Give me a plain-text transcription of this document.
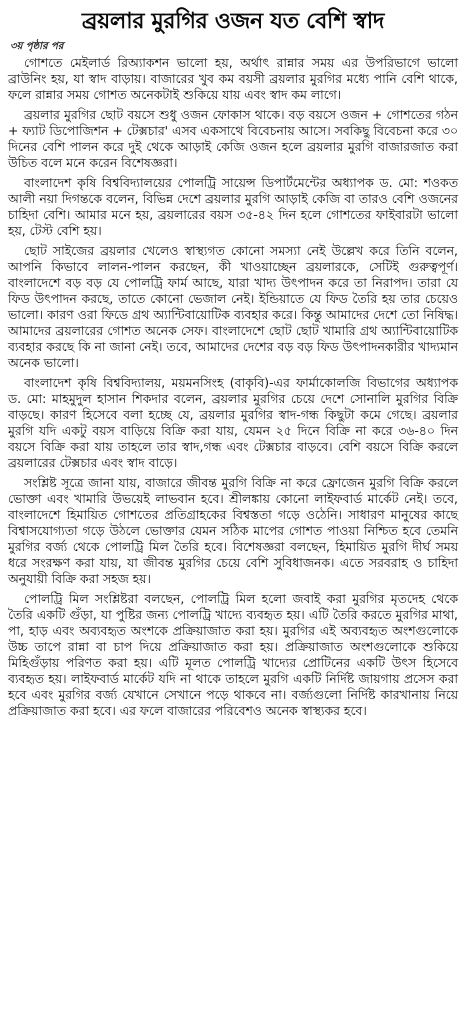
ব্রয়লার মুরগির ওজন যত বেশি স্বাদ
৩য় পৃষ্ঠার পর

গোশতে মেইলার্ড রিঅ্যাকশন ভালো হয়, অর্থাৎ রান্নার সময় এর উপরিভাগে ভালো ব্রাউনিং হয়, যা স্বাদ বাড়ায়। বাজারের খুব কম বয়সী ব্রয়লার মুরগির মধ্যে পানি বেশি থাকে, ফলে রান্নার সময় গোশত অনেকটাই শুকিয়ে যায় এবং স্বাদ কম লাগে।

ব্রয়লার মুরগির ছোট বয়সে শুধু ওজন ফোকাস থাকে। বড় বয়সে ওজন + গোশতের গঠন + ফ্যাট ডিপোজিশন + টেক্সচার' এসব একসাথে বিবেচনায় আসে। সবকিছু বিবেচনা করে ৩০ দিনের বেশি পালন করে দুই থেকে আড়াই কেজি ওজন হলে ব্রয়লার মুরগি বাজারজাত করা উচিত বলে মনে করেন বিশেষজ্ঞরা।

বাংলাদেশ কৃষি বিশ্ববিদ্যালয়ের পোলট্রি সায়েন্স ডিপার্টমেন্টের অধ্যাপক ড. মো: শওকত আলী নয়া দিগন্তকে বলেন, বিভিন্ন দেশে ব্রয়লার মুরগি আড়াই কেজি বা তারও বেশি ওজনের চাহিদা বেশি। আমার মনে হয়, ব্রয়লারের বয়স ৩৫-৪২ দিন হলে গোশতের ফাইবারটা ভালো হয়, টেস্ট বেশি হয়।

ছোট সাইজের ব্রয়লার খেলেও স্বাস্থ্যগত কোনো সমস্যা নেই উল্লেখ করে তিনি বলেন, আপনি কিভাবে লালন-পালন করছেন, কী খাওয়াচ্ছেন ব্রয়লারকে, সেটিই গুরুত্বপূর্ণ। বাংলাদেশে বড় বড় যে পোলট্রি ফার্ম আছে, যারা খাদ্য উৎপাদন করে তা নিরাপদ। তারা যে ফিড উৎপাদন করছে, তাতে কোনো ভেজাল নেই। ইন্ডিয়াতে যে ফিড তৈরি হয় তার চেয়েও ভালো। কারণ ওরা ফিডে গ্রথ অ্যান্টিবায়োটিক ব্যবহার করে। কিন্তু আমাদের দেশে তো নিষিদ্ধ। আমাদের ব্রয়লারের গোশত অনেক সেফ। বাংলাদেশে ছোট ছোট খামারি গ্রথ অ্যান্টিবায়োটিক ব্যবহার করছে কি না জানা নেই। তবে, আমাদের দেশের বড় বড় ফিড উৎপাদনকারীর খাদ্যমান অনেক ভালো।

বাংলাদেশ কৃষি বিশ্ববিদ্যালয়, ময়মনসিংহ (বাকৃবি)-এর ফার্মাকোলজি বিভাগের অধ্যাপক ড. মো: মাহমুদুল হাসান শিকদার বলেন, ব্রয়লার মুরগির চেয়ে দেশে সোনালি মুরগির বিক্রি বাড়ছে। কারণ হিসেবে বলা হচ্ছে যে, ব্রয়লার মুরগির স্বাদ-গন্ধ কিছুটা কমে গেছে। ব্রয়লার মুরগি যদি একটু বয়স বাড়িয়ে বিক্রি করা যায়, যেমন ২৫ দিনে বিক্রি না করে ৩৬-৪০ দিন বয়সে বিক্রি করা যায় তাহলে তার স্বাদ,গন্ধ এবং টেক্সচার বাড়বে। বেশি বয়সে বিক্রি করলে ব্রয়লারের টেক্সচার এবং স্বাদ বাড়ে।

সংশ্লিষ্ট সূত্রে জানা যায়, বাজারে জীবন্ত মুরগি বিক্রি না করে ফ্রোজেন মুরগি বিক্রি করলে ভোক্তা এবং খামারি উভয়েই লাভবান হবে। শ্রীলঙ্কায় কোনো লাইফবার্ড মার্কেট নেই। তবে, বাংলাদেশে হিমায়িত গোশতের প্রতিগ্রাহকের বিশ্বস্ততা গড়ে ওঠেনি। সাধারণ মানুষের কাছে বিশ্বাসযোগ্যতা গড়ে উঠলে ভোক্তার যেমন সঠিক মাপের গোশত পাওয়া নিশ্চিত হবে তেমনি মুরগির বর্জ্য থেকে পোলট্রি মিল তৈরি হবে। বিশেষজ্ঞরা বলছেন, হিমায়িত মুরগি দীর্ঘ সময় ধরে সংরক্ষণ করা যায়, যা জীবন্ত মুরগির চেয়ে বেশি সুবিধাজনক। এতে সরবরাহ ও চাহিদা অনুযায়ী বিক্রি করা সহজ হয়।

পোলট্রি মিল সংশ্লিষ্টরা বলছেন, পোলট্রি মিল হলো জবাই করা মুরগির মৃতদেহ থেকে তৈরি একটি গুঁড়া, যা পুষ্টির জন্য পোলট্রি খাদ্যে ব্যবহৃত হয়। এটি তৈরি করতে মুরগির মাথা, পা, হাড় এবং অব্যবহৃত অংশকে প্রক্রিয়াজাত করা হয়। মুরগির এই অব্যবহৃত অংশগুলোকে উচ্চ তাপে রান্না বা চাপ দিয়ে প্রক্রিয়াজাত করা হয়। প্রক্রিয়াজাত অংশগুলোকে শুকিয়ে মিহিগুঁড়ায় পরিণত করা হয়। এটি মূলত পোলট্রি খাদ্যের প্রোটিনের একটি উৎস হিসেবে ব্যবহৃত হয়। লাইফবার্ড মার্কেট যদি না থাকে তাহলে মুরগি একটি নির্দিষ্ট জায়গায় প্রসেস করা হবে এবং মুরগির বর্জ্য যেখানে সেখানে পড়ে থাকবে না। বর্জ্যগুলো নির্দিষ্ট কারখানায় নিয়ে প্রক্রিয়াজাত করা হবে। এর ফলে বাজারের পরিবেশও অনেক স্বাস্থ্যকর হবে।
